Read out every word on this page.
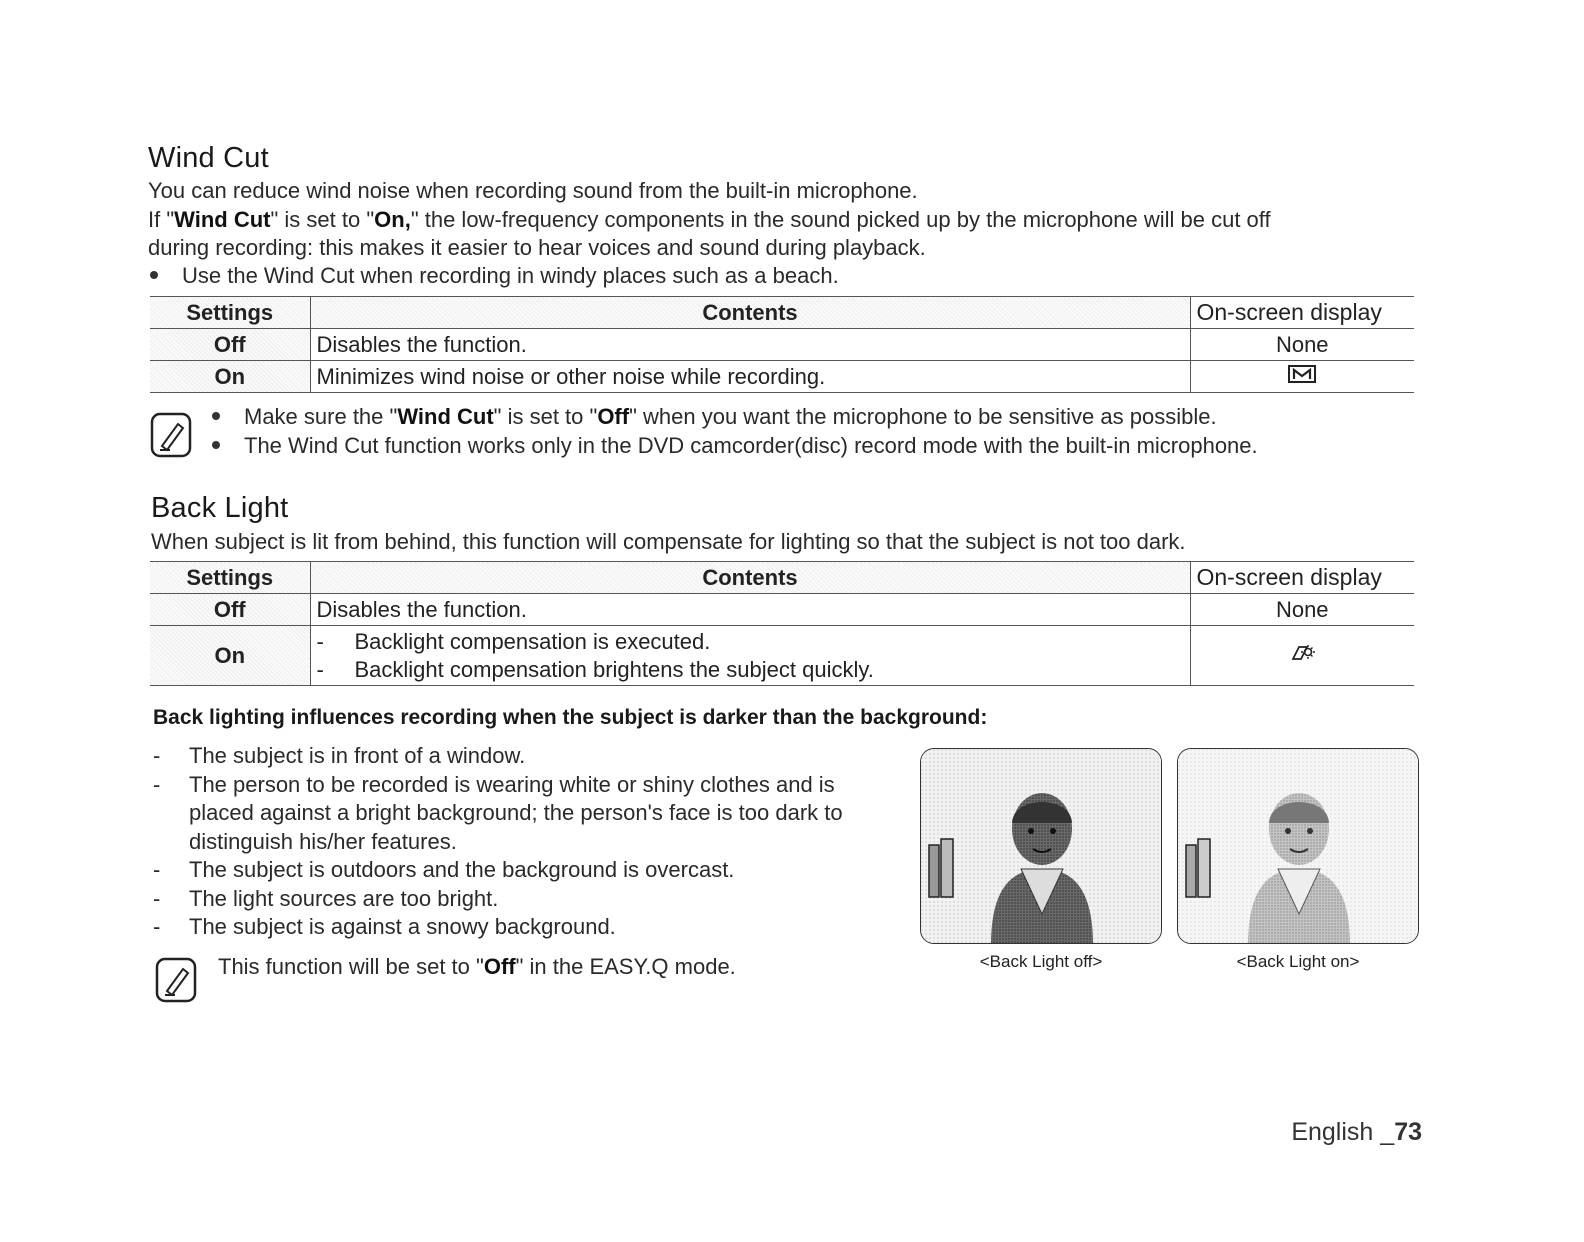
Wind Cut
You can reduce wind noise when recording sound from the built-in microphone.
If "Wind Cut" is set to "On," the low-frequency components in the sound picked up by the microphone will be cut off
during recording: this makes it easier to hear voices and sound during playback.
Use the Wind Cut when recording in windy places such as a beach.
Settings	Contents	On-screen display
Off	Disables the function.	None
On	Minimizes wind noise or other noise while recording.	
Make sure the "Wind Cut" is set to "Off" when you want the microphone to be sensitive as possible.
The Wind Cut function works only in the DVD camcorder(disc) record mode with the built-in microphone.
Back Light
When subject is lit from behind, this function will compensate for lighting so that the subject is not too dark.
Settings	Contents	On-screen display
Off	Disables the function.	None
On	- Backlight compensation is executed.
- Backlight compensation brightens the subject quickly.

Back lighting influences recording when the subject is darker than the background:
-	The subject is in front of a window.
-	The person to be recorded is wearing white or shiny clothes and is placed against a bright background; the person's face is too dark to distinguish his/her features.
-	The subject is outdoors and the background is overcast.
-	The light sources are too bright.
-	The subject is against a snowy background.
This function will be set to "Off" in the EASY.Q mode.	<Back Light off>	<Back Light on>
English _73
